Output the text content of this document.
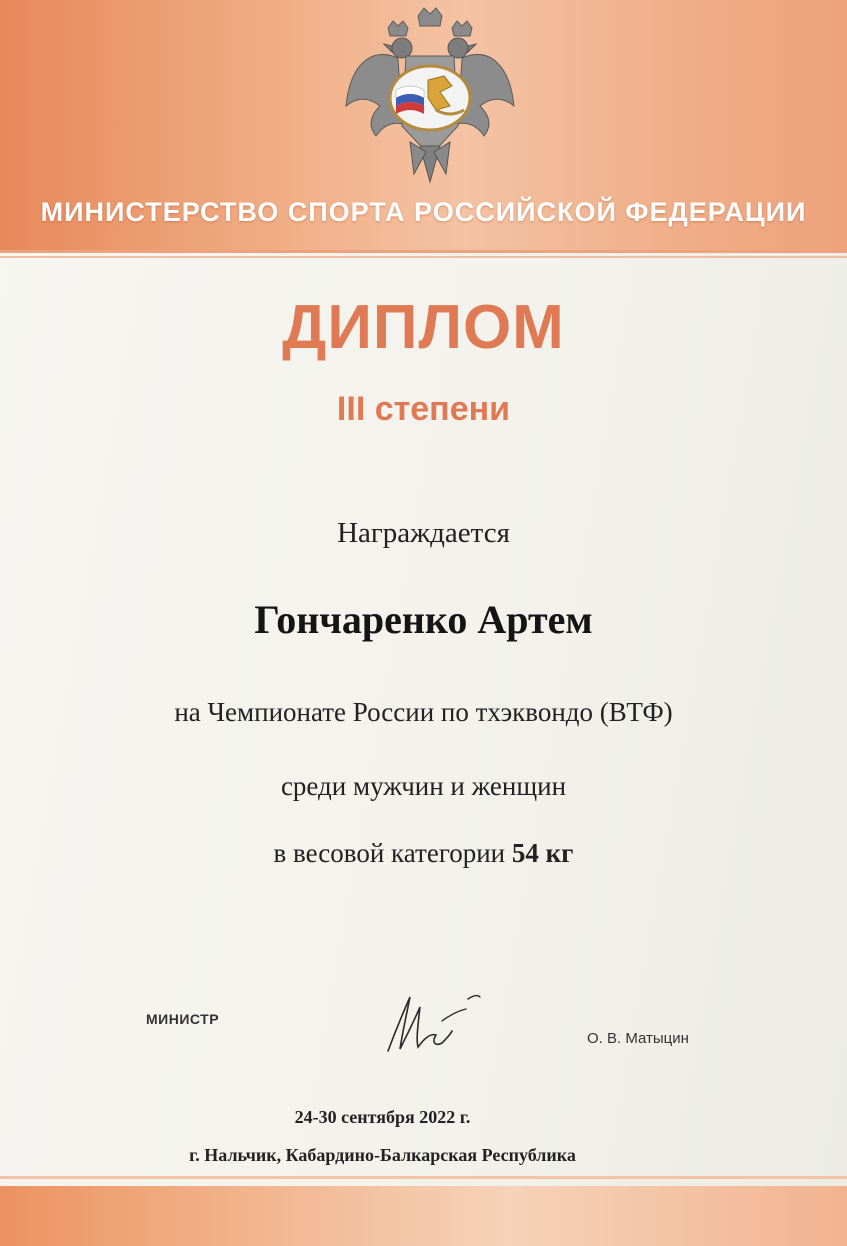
МИНИСТЕРСТВО СПОРТА РОССИЙСКОЙ ФЕДЕРАЦИИ
ДИПЛОМ
III степени
Награждается
Гончаренко Артем
на Чемпионате России по тхэквондо (ВТФ)
среди мужчин и женщин
в весовой категории 54 кг
МИНИСТР
О. В. Матыцин
24-30 сентября 2022 г.
г. Нальчик, Кабардино-Балкарская Республика
